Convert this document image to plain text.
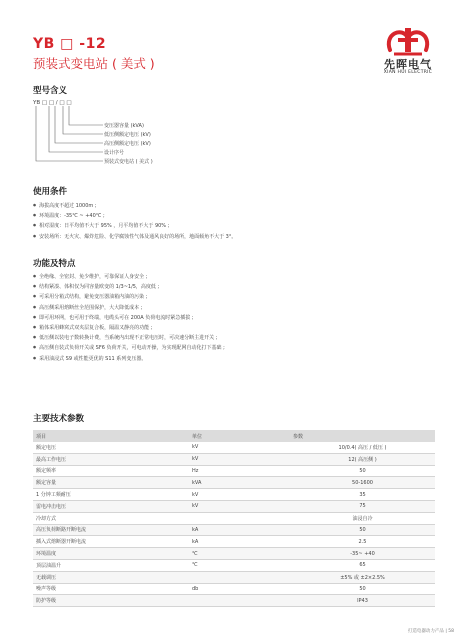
YB □ -12
预装式变电站 ( 美式 )	先晖电气
XIAN HUI ELECTRIC
型号含义
YB □ □ / □ □
变压器容量 (kVA)
低压侧额定电压 (kV)
高压侧额定电压 (kV)
设计序号
预装式变电站 ( 美式 )
使用条件
● 海拔高度不超过 1000m ;
● 环境温度：-35℃ ~ +40℃ ;
● 相对湿度：日平均值不大于 95% ，月平均值不大于 90% ;
● 安装场所：无火灾、爆炸危险、化学腐蚀性气体及通风良好的场所，地面倾角不大于 3°。
功能及特点
● 全绝缘、全密封、免少维护，可靠保证人身安全 ;
● 结构紧凑、体积仅为同容量欧变的 1/3~1/5，高度低 ;
● 可采用分箱式结构，避免变压器油箱内油的污染 ;
● 高压侧采用熔断丝全范围保护，大大降低成本 ;
● 即可用环网，也可用于终端，电缆头可在 200A 负荷电流时紧急插拔 ;
● 箱体采用蜂窝式双夹层复合板，隔温又静亮的功能 ;
● 低压侧以装电子数转换计费，当系统内出现不正常电压时，可决速分断主进开关 ;
● 高压侧自装式负荷开关或 SF6 负荷开关，可电动开操，为实现配网自动化打下基础 ;
● 采用油浸式 S9 或性能更优的 S11 系列变压器。
主要技术参数
项目	单位	参数
额定电压	kV	10/0.4( 高压 / 低压 )
最高工作电压	kV	12( 高压侧 )
额定频率	Hz	50
额定容量	kVA	50-1600
1 分钟工频耐压	kV	35
雷电冲击电压	kV	75
冷却方式		油浸自冷
高压负荷断路开断电流	kA	50
插入式熔断器开断电流	kA	2.5
环境温度	℃	-35~ +40
顶层油温升	℃	65
无载调压		±5% 或 ±2×2.5%
噪声等级	db	50
防护等级		IP43
打造电器动力产品 | 58
